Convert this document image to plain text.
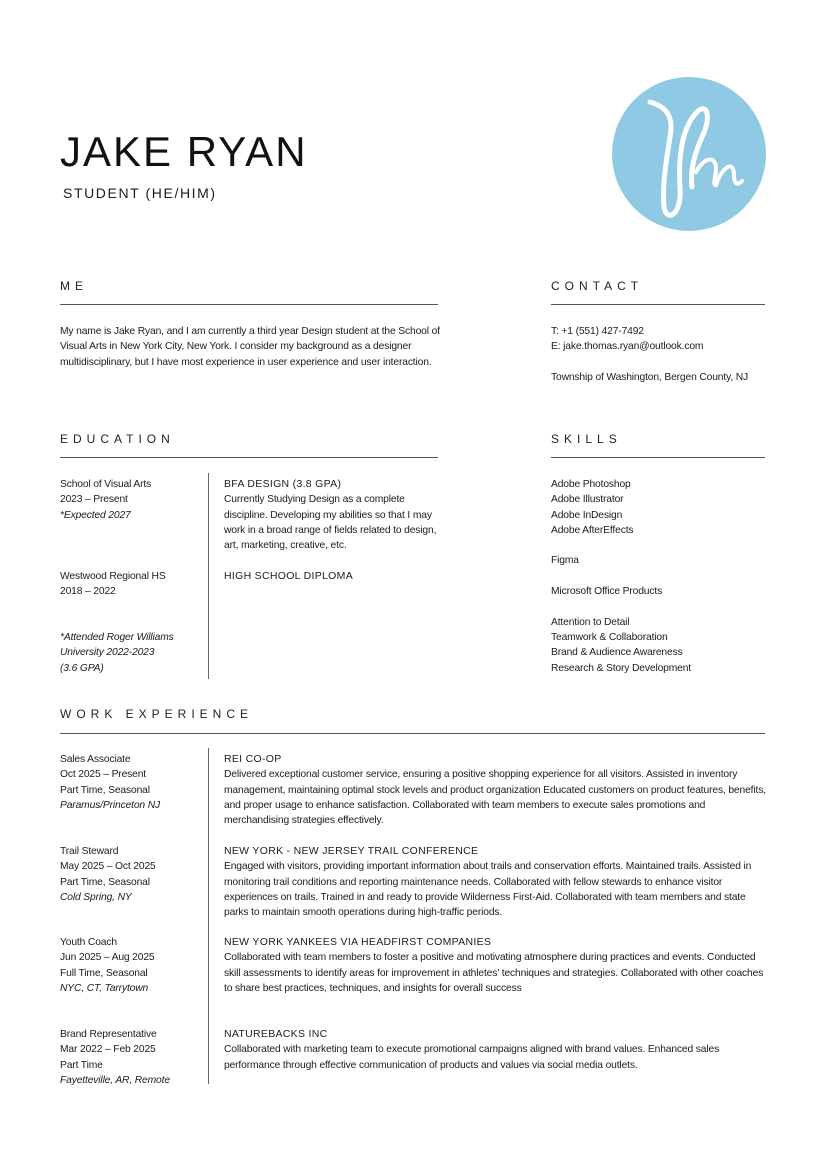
JAKE RYAN
STUDENT (HE/HIM)
ME
My name is Jake Ryan, and I am currently a third year Design student at the School of Visual Arts in New York City, New York. I consider my background as a designer multidisciplinary, but I have most experience in user experience and user interaction.
CONTACT
T: +1 (551) 427-7492
E: jake.thomas.ryan@outlook.com
Township of Washington, Bergen County, NJ
EDUCATION
School of Visual Arts
2023 – Present
*Expected 2027
BFA DESIGN (3.8 GPA)
Currently Studying Design as a complete discipline. Developing my abilities so that I may work in a broad range of fields related to design, art, marketing, creative, etc.
Westwood Regional HS
2018 – 2022
HIGH SCHOOL DIPLOMA
*Attended Roger Williams
University 2022-2023
(3.6 GPA)
SKILLS
Adobe Photoshop
Adobe Illustrator
Adobe InDesign
Adobe AfterEffects
Figma
Microsoft Office Products
Attention to Detail
Teamwork & Collaboration
Brand & Audience Awareness
Research & Story Development
WORK EXPERIENCE
Sales Associate
Oct 2025 – Present
Part Time, Seasonal
Paramus/Princeton NJ
REI CO-OP
Delivered exceptional customer service, ensuring a positive shopping experience for all visitors. Assisted in inventory management, maintaining optimal stock levels and product organization Educated customers on product features, benefits, and proper usage to enhance satisfaction. Collaborated with team members to execute sales promotions and merchandising strategies effectively.
Trail Steward
May 2025 – Oct 2025
Part Time, Seasonal
Cold Spring, NY
NEW YORK - NEW JERSEY TRAIL CONFERENCE
Engaged with visitors, providing important information about trails and conservation efforts. Maintained trails. Assisted in monitoring trail conditions and reporting maintenance needs. Collaborated with fellow stewards to enhance visitor experiences on trails. Trained in and ready to provide Wilderness First-Aid. Collaborated with team members and state parks to maintain smooth operations during high-traffic periods.
Youth Coach
Jun 2025 – Aug 2025
Full Time, Seasonal
NYC, CT, Tarrytown
NEW YORK YANKEES VIA HEADFIRST COMPANIES
Collaborated with team members to foster a positive and motivating atmosphere during practices and events. Conducted skill assessments to identify areas for improvement in athletes’ techniques and strategies. Collaborated with other coaches to share best practices, techniques, and insights for overall success
Brand Representative
Mar 2022 – Feb 2025
Part Time
Fayetteville, AR, Remote
NATUREBACKS INC
Collaborated with marketing team to execute promotional campaigns aligned with brand values. Enhanced sales performance through effective communication of products and values via social media outlets.
